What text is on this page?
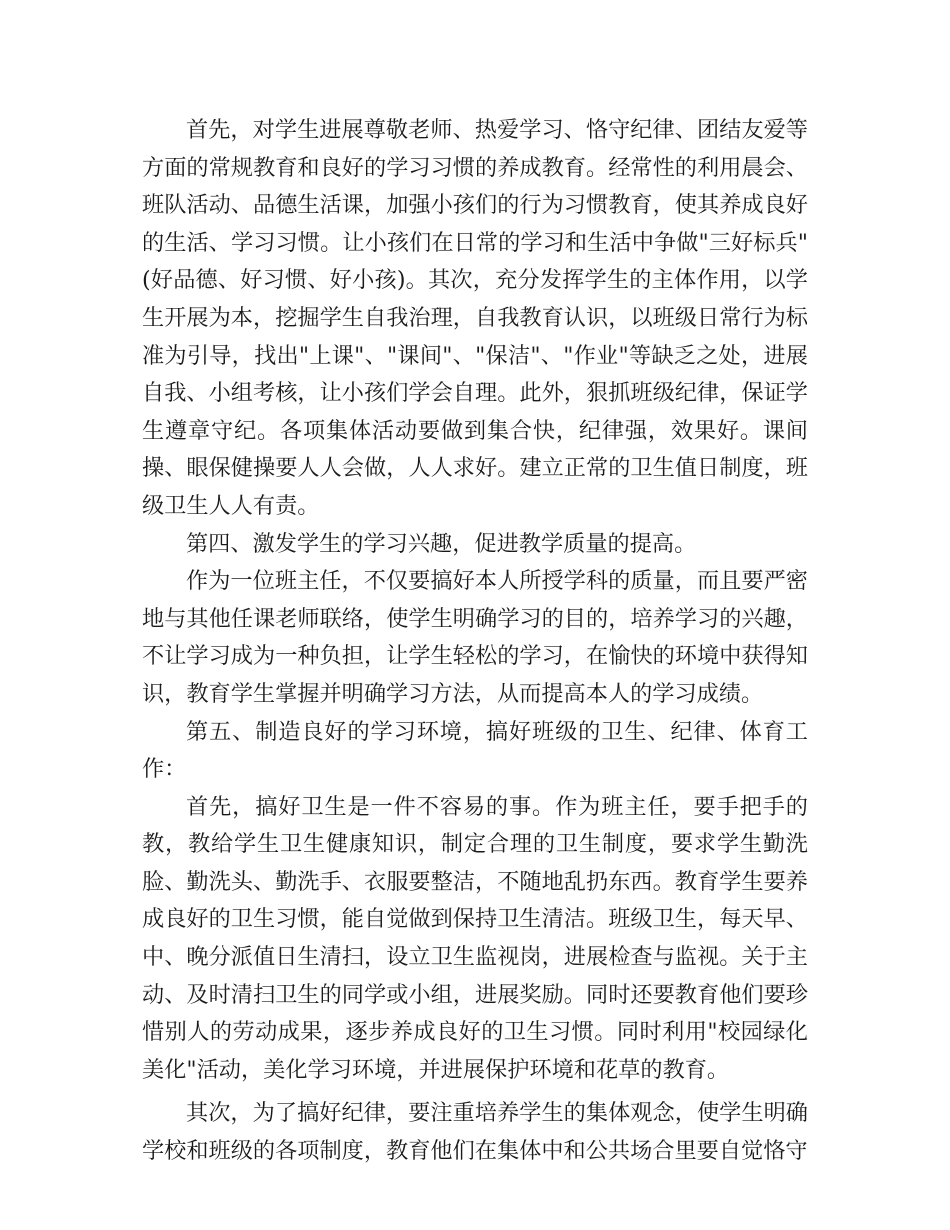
首先，对学生进展尊敬老师、热爱学习、恪守纪律、团结友爱等方面的常规教育和良好的学习习惯的养成教育。经常性的利用晨会、班队活动、品德生活课，加强小孩们的行为习惯教育，使其养成良好的生活、学习习惯。让小孩们在日常的学习和生活中争做"三好标兵"(好品德、好习惯、好小孩)。其次，充分发挥学生的主体作用，以学生开展为本，挖掘学生自我治理，自我教育认识，以班级日常行为标准为引导，找出"上课"、"课间"、"保洁"、"作业"等缺乏之处，进展自我、小组考核，让小孩们学会自理。此外，狠抓班级纪律，保证学生遵章守纪。各项集体活动要做到集合快，纪律强，效果好。课间操、眼保健操要人人会做，人人求好。建立正常的卫生值日制度，班级卫生人人有责。

第四、激发学生的学习兴趣，促进教学质量的提高。

作为一位班主任，不仅要搞好本人所授学科的质量，而且要严密地与其他任课老师联络，使学生明确学习的目的，培养学习的兴趣，不让学习成为一种负担，让学生轻松的学习，在愉快的环境中获得知识，教育学生掌握并明确学习方法，从而提高本人的学习成绩。

第五、制造良好的学习环境，搞好班级的卫生、纪律、体育工作：

首先，搞好卫生是一件不容易的事。作为班主任，要手把手的教，教给学生卫生健康知识，制定合理的卫生制度，要求学生勤洗脸、勤洗头、勤洗手、衣服要整洁，不随地乱扔东西。教育学生要养成良好的卫生习惯，能自觉做到保持卫生清洁。班级卫生，每天早、中、晚分派值日生清扫，设立卫生监视岗，进展检查与监视。关于主动、及时清扫卫生的同学或小组，进展奖励。同时还要教育他们要珍惜别人的劳动成果，逐步养成良好的卫生习惯。同时利用"校园绿化美化"活动，美化学习环境，并进展保护环境和花草的教育。

其次，为了搞好纪律，要注重培养学生的集体观念，使学生明确学校和班级的各项制度，教育他们在集体中和公共场合里要自觉恪守
